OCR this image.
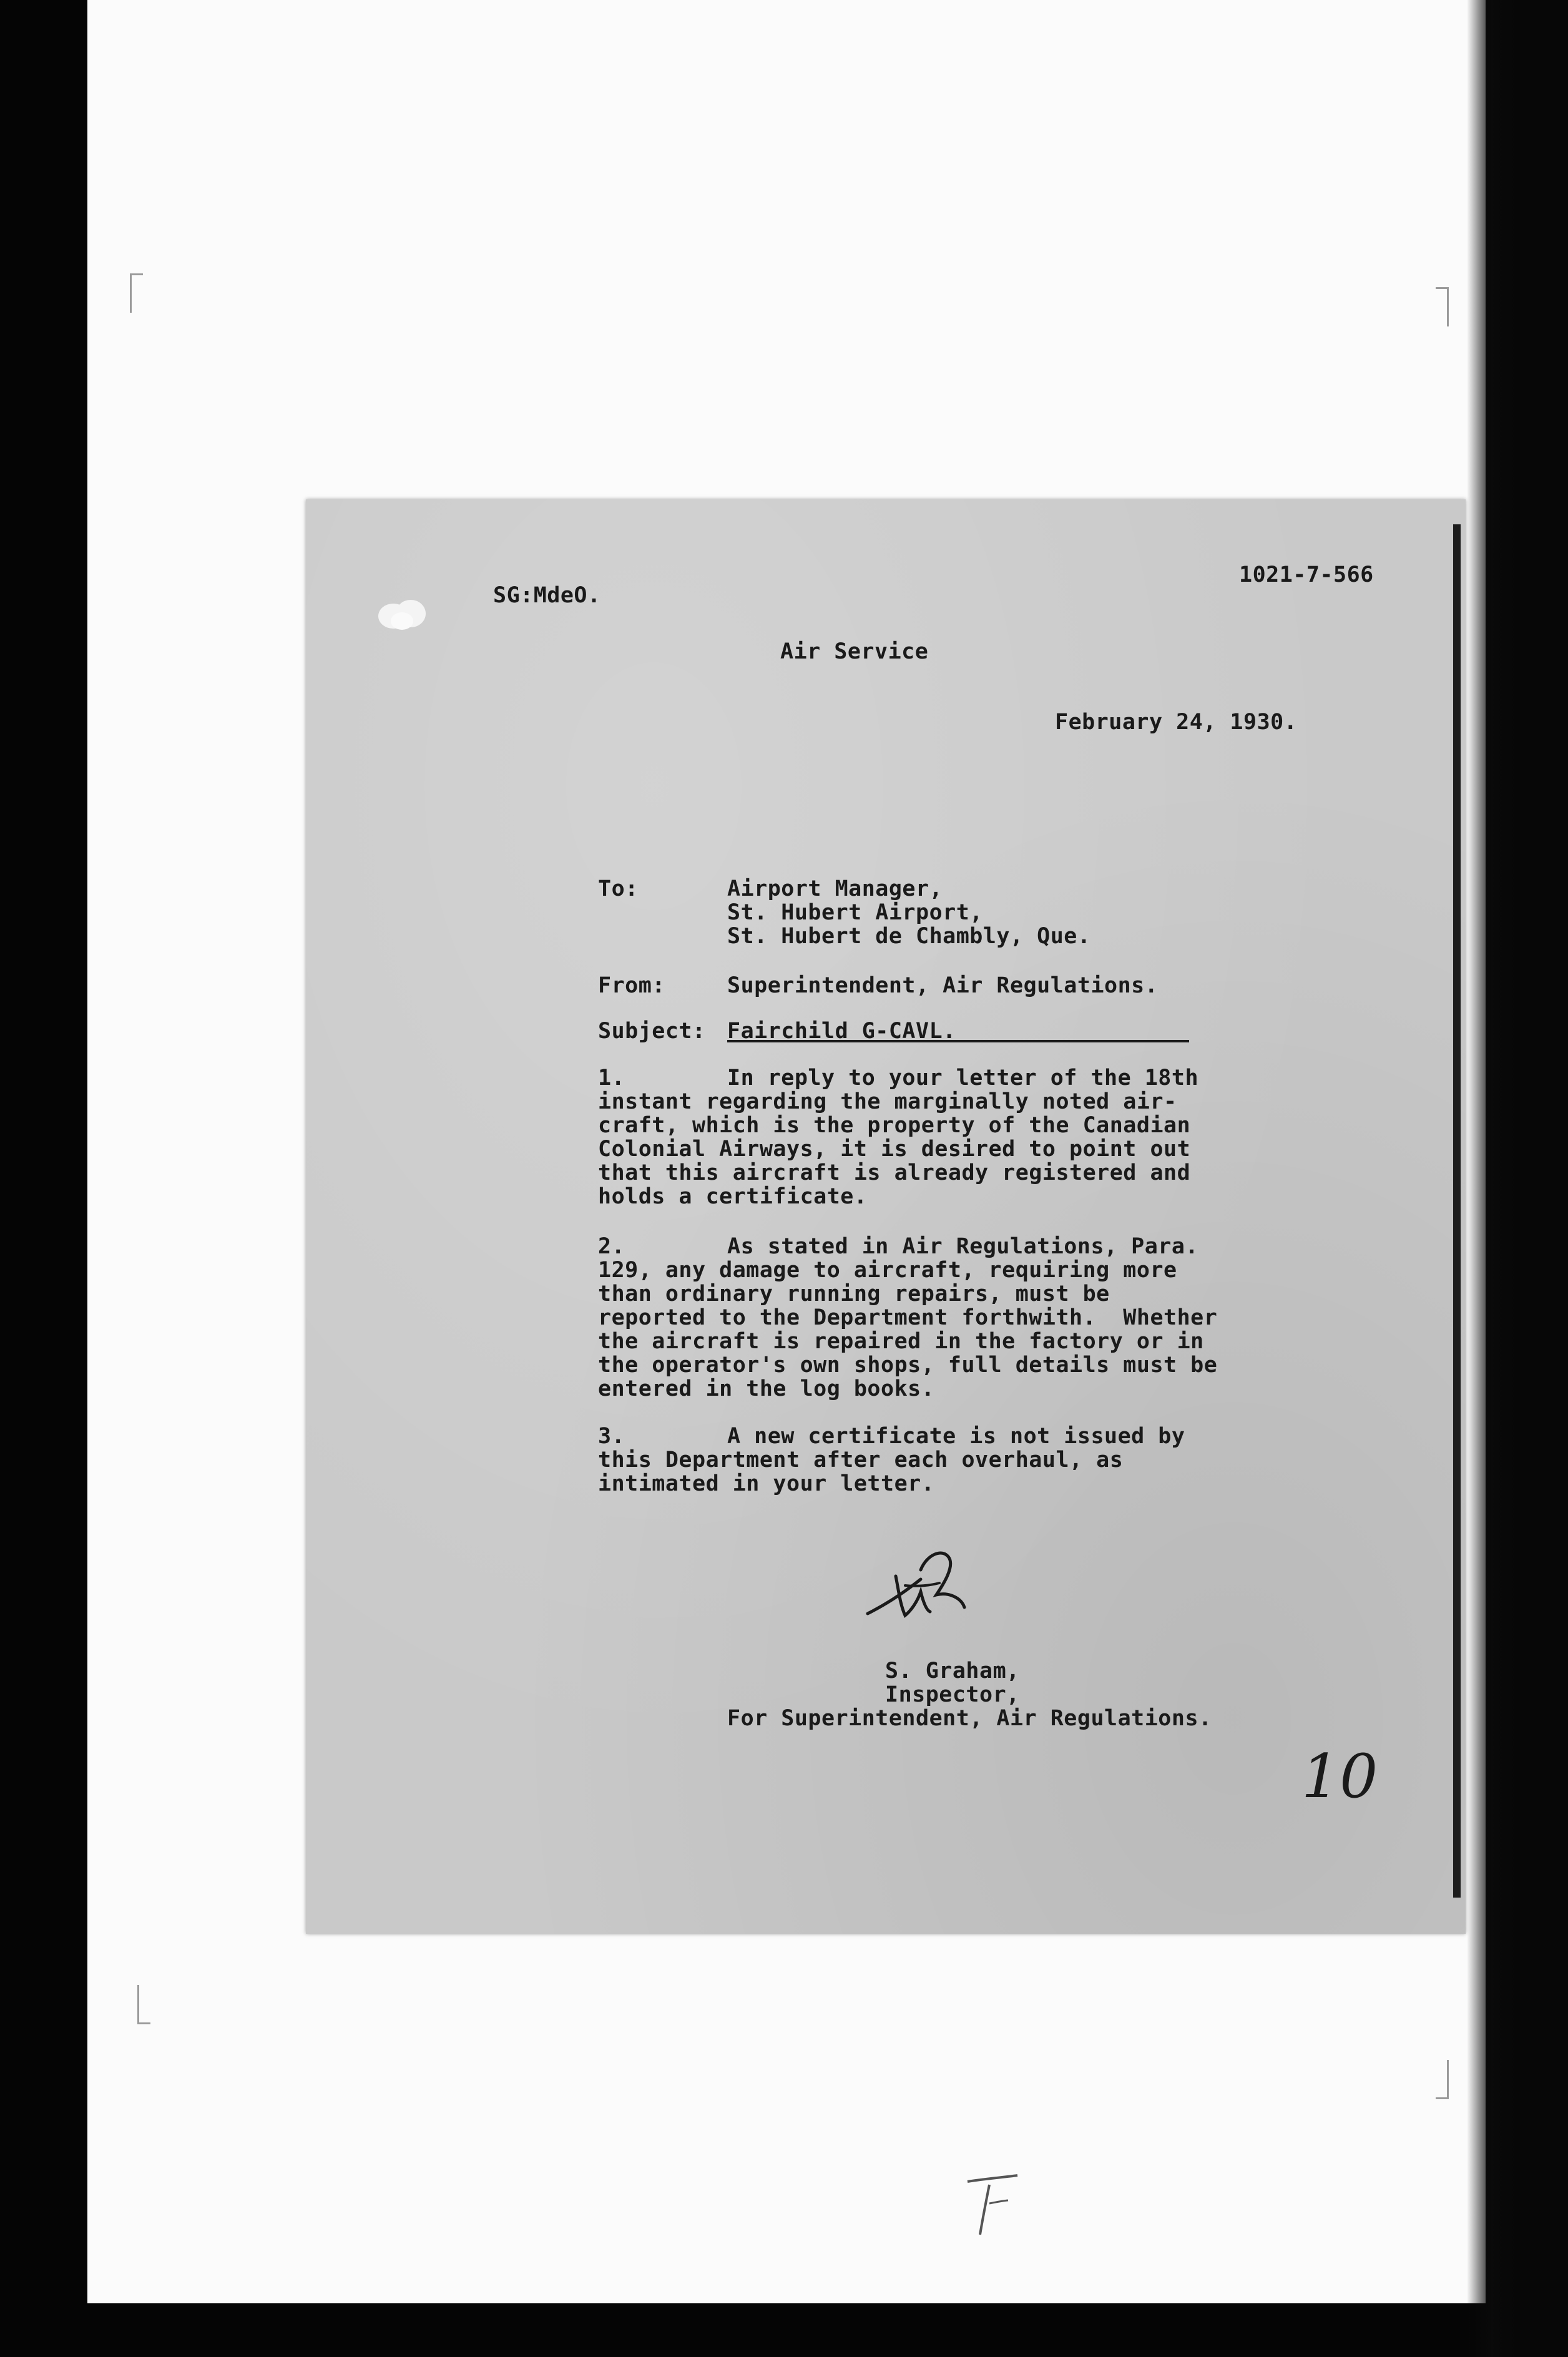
SG:MdeO.
1021-7-566
Air Service
February 24, 1930.
To:	Airport Manager,
St. Hubert Airport,
St. Hubert de Chambly, Que.
From:	Superintendent, Air Regulations.
Subject: Fairchild G-CAVL.
1.	In reply to your letter of the 18th
instant regarding the marginally noted air-
craft, which is the property of the Canadian
Colonial Airways, it is desired to point out
that this aircraft is already registered and
holds a certificate.
2.	As stated in Air Regulations, Para.
129, any damage to aircraft, requiring more
than ordinary running repairs, must be
reported to the Department forthwith.  Whether
the aircraft is repaired in the factory or in
the operator's own shops, full details must be
entered in the log books.
3.	A new certificate is not issued by
this Department after each overhaul, as
intimated in your letter.
S. Graham,
Inspector,
For Superintendent, Air Regulations.
10
